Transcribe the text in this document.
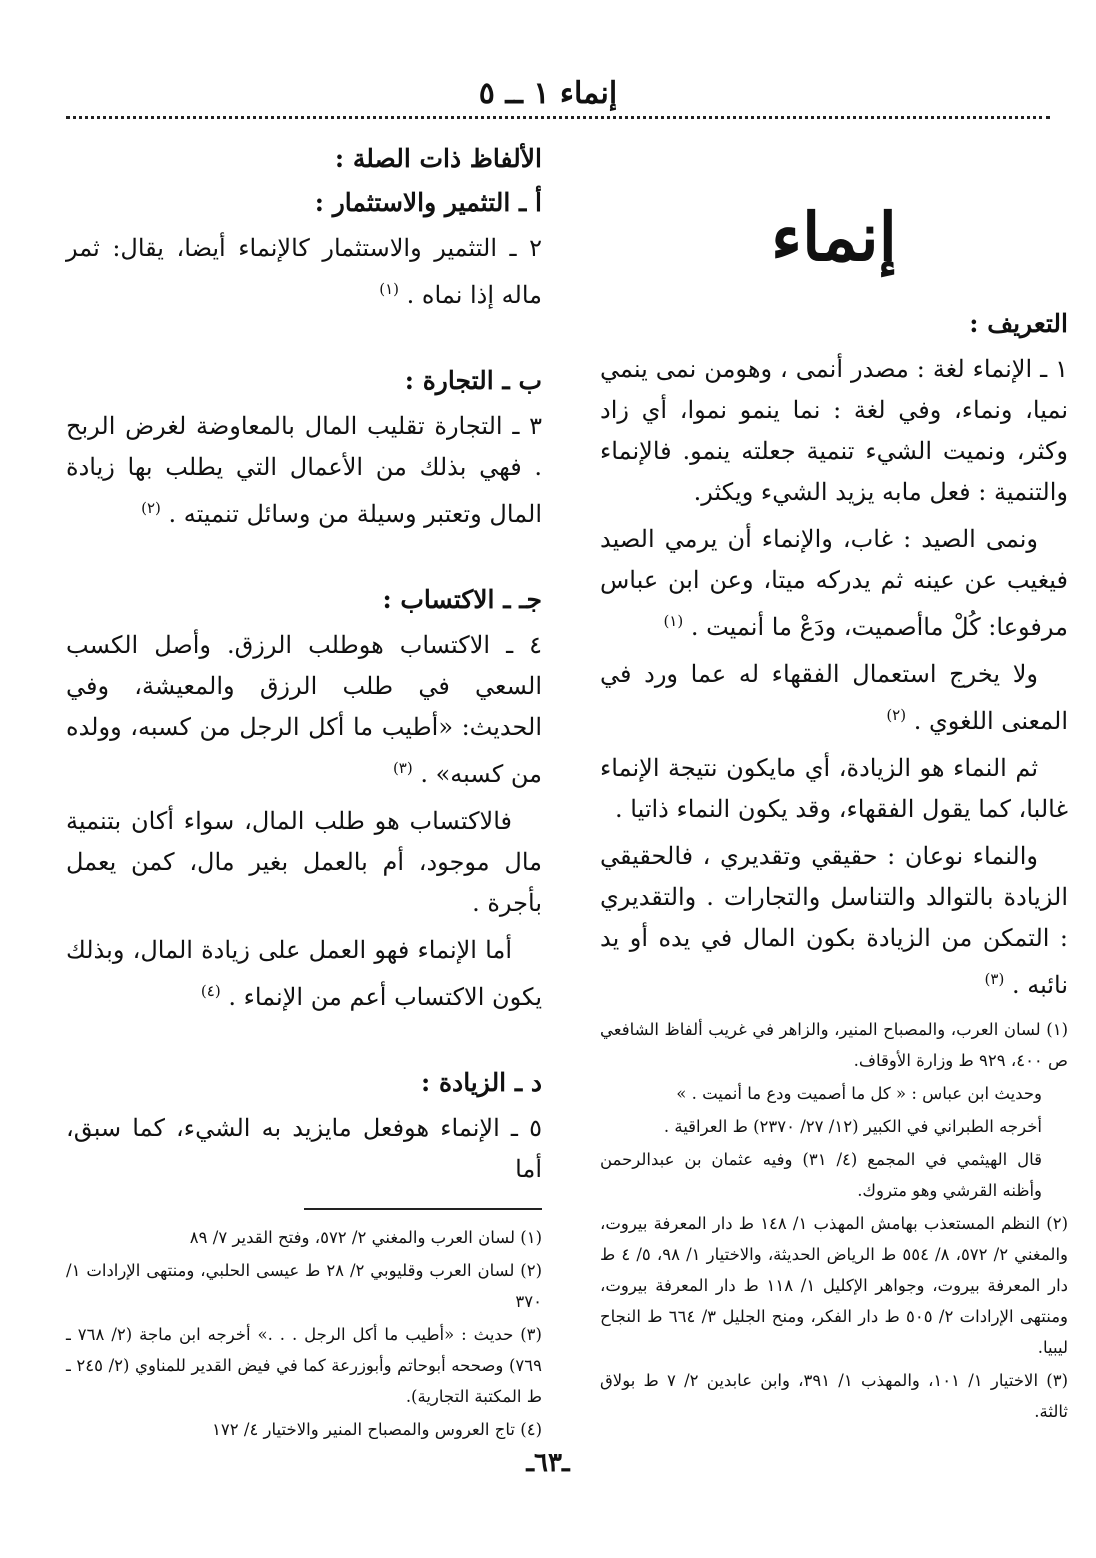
إنماء ١ ــ ٥
إنماء
التعريف :

١ ـ الإنماء لغة : مصدر أنمى ، وهومن نمى ينمي نميا، ونماء، وفي لغة : نما ينمو نموا، أي زاد وكثر، ونميت الشيء تنمية جعلته ينمو. فالإنماء والتنمية : فعل مابه يزيد الشيء ويكثر.

ونمى الصيد : غاب، والإنماء أن يرمي الصيد فيغيب عن عينه ثم يدركه ميتا، وعن ابن عباس مرفوعا: كُلْ ماأصميت، ودَعْ ما أنميت . $^{(١)}$

ولا يخرج استعمال الفقهاء له عما ورد في المعنى اللغوي . $^{(٢)}$

ثم النماء هو الزيادة، أي مايكون نتيجة الإنماء غالبا، كما يقول الفقهاء، وقد يكون النماء ذاتيا .

والنماء نوعان : حقيقي وتقديري ، فالحقيقي الزيادة بالتوالد والتناسل والتجارات . والتقديري : التمكن من الزيادة بكون المال في يده أو يد نائبه . $^{(٣)}$

(١) لسان العرب، والمصباح المنير، والزاهر في غريب ألفاظ الشافعي ص ٤٠٠، ٩٢٩ ط وزارة الأوقاف.

وحديث ابن عباس : « كل ما أصميت ودع ما أنميت . »

أخرجه الطبراني في الكبير (١٢/ ٢٧/ ٢٣٧٠) ط العراقية .

قال الهيثمي في المجمع (٤/ ٣١) وفيه عثمان بن عبدالرحمن وأظنه القرشي وهو متروك.

(٢) النظم المستعذب بهامش المهذب ١/ ١٤٨ ط دار المعرفة بيروت، والمغني ٢/ ٥٧٢، ٨/ ٥٥٤ ط الرياض الحديثة، والاختيار ١/ ٩٨، ٥/ ٤ ط دار المعرفة بيروت، وجواهر الإكليل ١/ ١١٨ ط دار المعرفة بيروت، ومنتهى الإرادات ٢/ ٥٠٥ ط دار الفكر، ومنح الجليل ٣/ ٦٦٤ ط النجاح ليبيا.

(٣) الاختيار ١/ ١٠١، والمهذب ١/ ٣٩١، وابن عابدين ٢/ ٧ ط بولاق ثالثة.

الألفاظ ذات الصلة :
أ ـ التثمير والاستثمار :

٢ ـ التثمير والاستثمار كالإنماء أيضا، يقال: ثمر ماله إذا نماه . $^{(١)}$

ب ـ التجارة :

٣ ـ التجارة تقليب المال بالمعاوضة لغرض الربح . فهي بذلك من الأعمال التي يطلب بها زيادة المال وتعتبر وسيلة من وسائل تنميته . $^{(٢)}$

جـ ـ الاكتساب :

٤ ـ الاكتساب هوطلب الرزق. وأصل الكسب السعي في طلب الرزق والمعيشة، وفي الحديث: «أطيب ما أكل الرجل من كسبه، وولده من كسبه» . $^{(٣)}$

فالاكتساب هو طلب المال، سواء أكان بتنمية مال موجود، أم بالعمل بغير مال، كمن يعمل بأجرة .

أما الإنماء فهو العمل على زيادة المال، وبذلك يكون الاكتساب أعم من الإنماء . $^{(٤)}$

د ـ الزيادة :

٥ ـ الإنماء هوفعل مايزيد به الشيء، كما سبق، أما

(١) لسان العرب والمغني ٢/ ٥٧٢، وفتح القدير ٧/ ٨٩

(٢) لسان العرب وقليوبي ٢/ ٢٨ ط عيسى الحلبي، ومنتهى الإرادات ١/ ٣٧٠

(٣) حديث : «أطيب ما أكل الرجل . . .» أخرجه ابن ماجة (٢/ ٧٦٨ ـ ٧٦٩) وصححه أبوحاتم وأبوزرعة كما في فيض القدير للمناوي (٢/ ٢٤٥ ـ ط المكتبة التجارية).

(٤) تاج العروس والمصباح المنير والاختيار ٤/ ١٧٢

ـ٦٣ـ
